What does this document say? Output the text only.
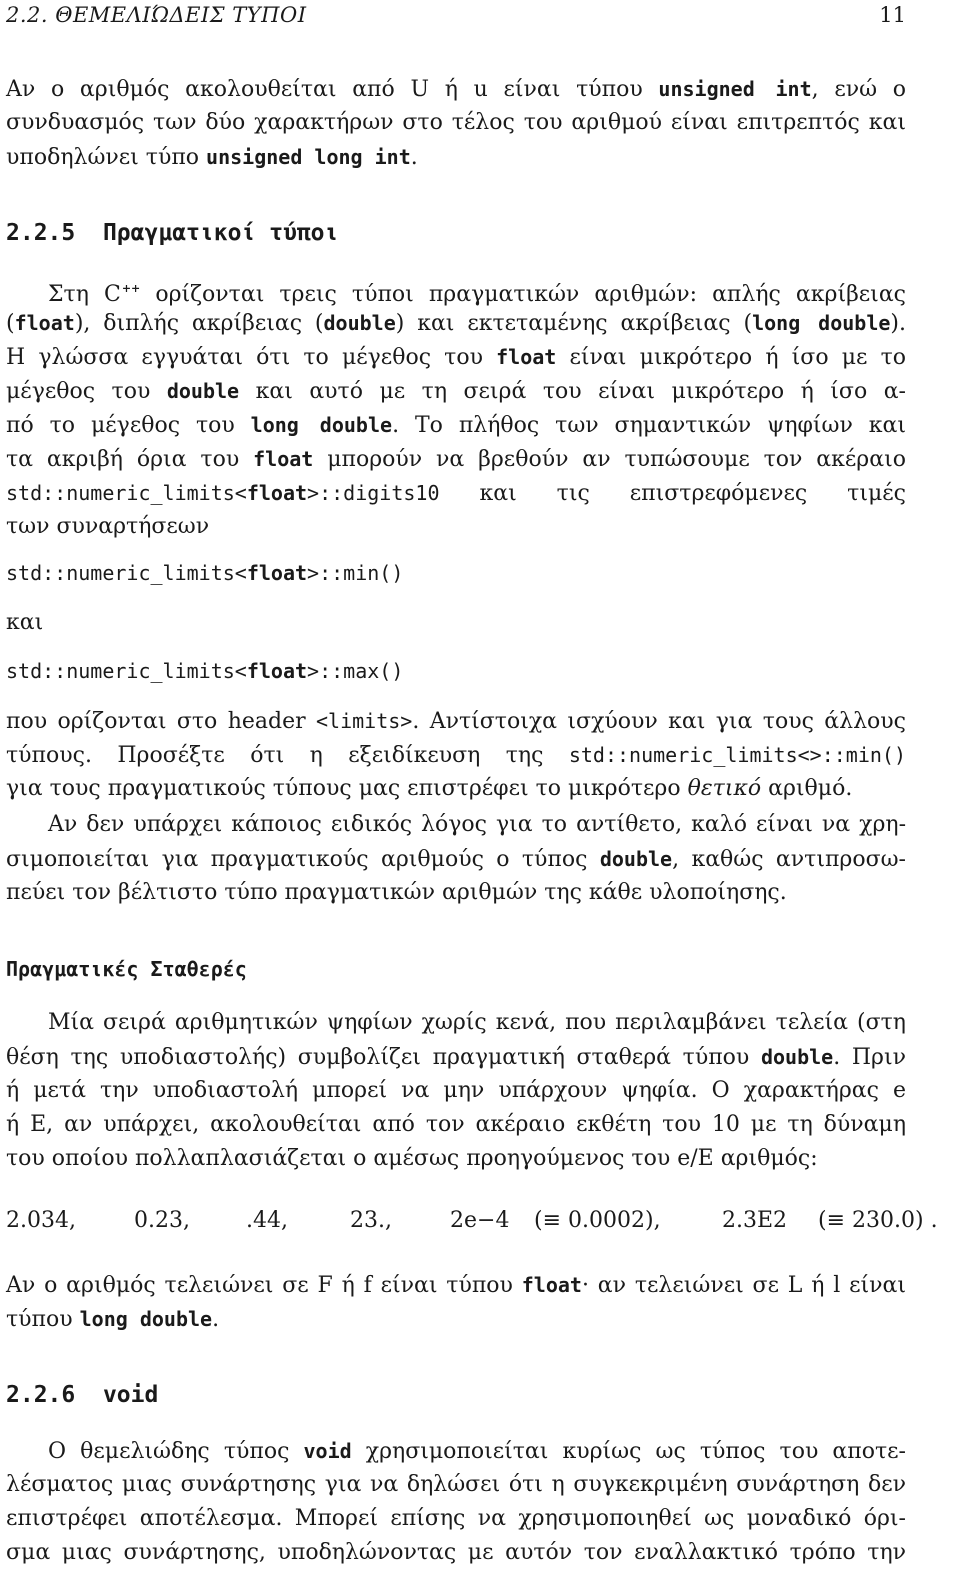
2.2. ΘΕΜΕΛΙΏΔΕΙΣ ΤΥΠΟΙ	11
Αν ο αριθμός ακολουθείται από U ή u είναι τύπου unsigned int, ενώ ο
συνδυασμός των δύο χαρακτήρων στο τέλος του αριθμού είναι επιτρεπτός και
υποδηλώνει τύπο unsigned long int.
2.2.5 Πραγματικοί τύποι
Στη C++ ορίζονται τρεις τύποι πραγματικών αριθμών: απλής ακρίβειας
(float), διπλής ακρίβειας (double) και εκτεταμένης ακρίβειας (long double).
Η γλώσσα εγγυάται ότι το μέγεθος του float είναι μικρότερο ή ίσο με το
μέγεθος του double και αυτό με τη σειρά του είναι μικρότερο ή ίσο α-
πό το μέγεθος του long double. Το πλήθος των σημαντικών ψηφίων και
τα ακριβή όρια του float μπορούν να βρεθούν αν τυπώσουμε τον ακέραιο
std::numeric_limits<float>::digits10 και τις επιστρεφόμενες τιμές
των συναρτήσεων
std::numeric_limits<float>::min()
και
std::numeric_limits<float>::max()
που ορίζονται στο header <limits>. Αντίστοιχα ισχύουν και για τους άλλους
τύπους. Προσέξτε ότι η εξειδίκευση της std::numeric_limits<>::min()
για τους πραγματικούς τύπους μας επιστρέφει το μικρότερο θετικό αριθμό.
Αν δεν υπάρχει κάποιος ειδικός λόγος για το αντίθετο, καλό είναι να χρη-
σιμοποιείται για πραγματικούς αριθμούς ο τύπος double, καθώς αντιπροσω-
πεύει τον βέλτιστο τύπο πραγματικών αριθμών της κάθε υλοποίησης.
Πραγματικές Σταθερές
Μία σειρά αριθμητικών ψηφίων χωρίς κενά, που περιλαμβάνει τελεία (στη
θέση της υποδιαστολής) συμβολίζει πραγματική σταθερά τύπου double. Πριν
ή μετά την υποδιαστολή μπορεί να μην υπάρχουν ψηφία. Ο χαρακτήρας e
ή E, αν υπάρχει, ακολουθείται από τον ακέραιο εκθέτη του 10 με τη δύναμη
του οποίου πολλαπλασιάζεται ο αμέσως προηγούμενος του e/E αριθμός:
2.034,	0.23,	.44,	23.,	2e−4 (≡ 0.0002),	2.3E2 (≡ 230.0) .
Αν ο αριθμός τελειώνει σε F ή f είναι τύπου float· αν τελειώνει σε L ή l είναι
τύπου long double.
2.2.6 void
Ο θεμελιώδης τύπος void χρησιμοποιείται κυρίως ως τύπος του αποτε-
λέσματος μιας συνάρτησης για να δηλώσει ότι η συγκεκριμένη συνάρτηση δεν
επιστρέφει αποτέλεσμα. Μπορεί επίσης να χρησιμοποιηθεί ως μοναδικό όρι-
σμα μιας συνάρτησης, υποδηλώνοντας με αυτόν τον εναλλακτικό τρόπο την
